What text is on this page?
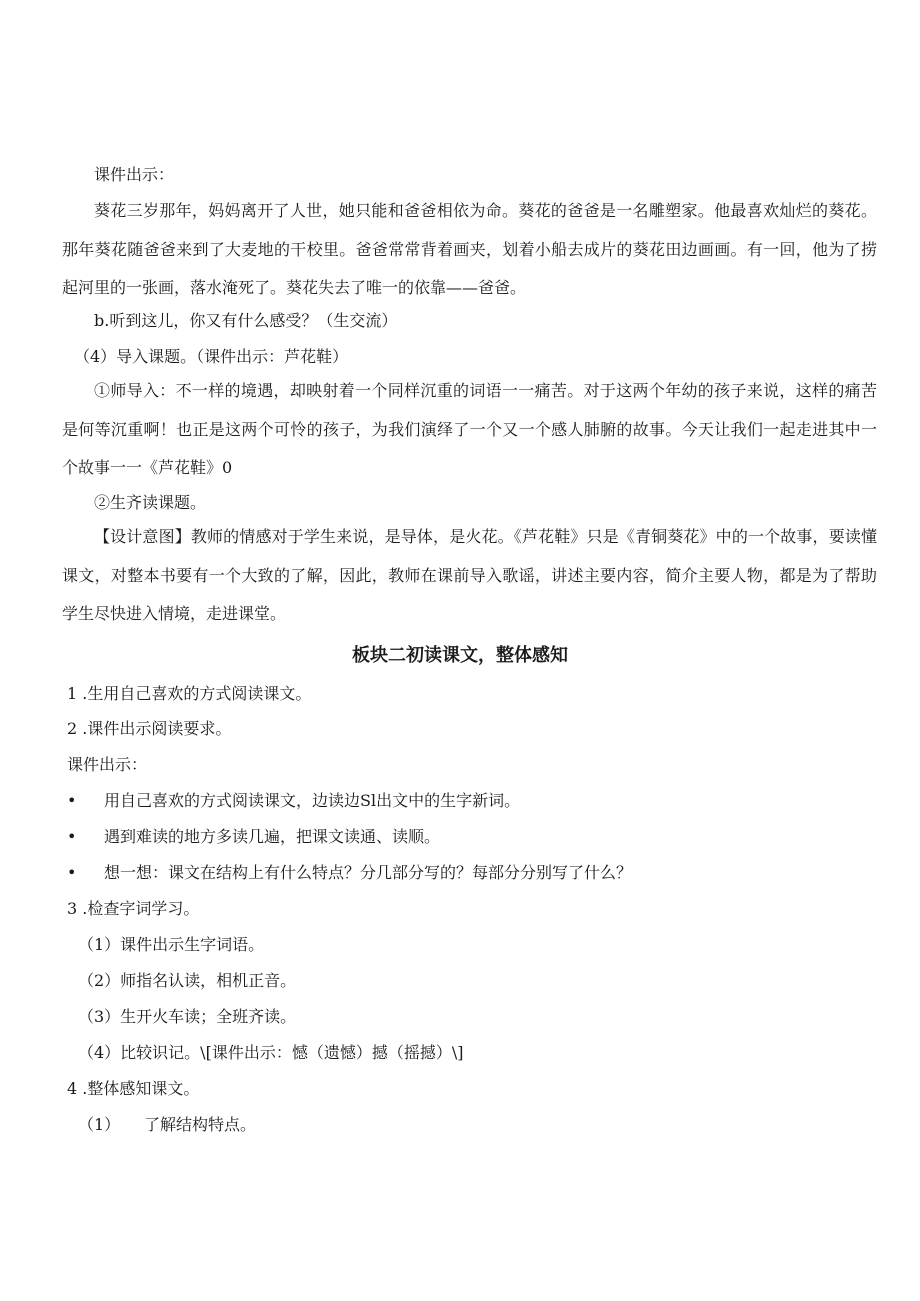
课件出示：
葵花三岁那年，妈妈离开了人世，她只能和爸爸相依为命。葵花的爸爸是一名雕塑家。他最喜欢灿烂的葵花。那年葵花随爸爸来到了大麦地的干校里。爸爸常常背着画夹，划着小船去成片的葵花田边画画。有一回，他为了捞起河里的一张画，落水淹死了。葵花失去了唯一的依靠——爸爸。
b.听到这儿，你又有什么感受？（生交流）
（4）导入课题。（课件出示：芦花鞋）
①师导入：不一样的境遇，却映射着一个同样沉重的词语一一痛苦。对于这两个年幼的孩子来说，这样的痛苦是何等沉重啊！也正是这两个可怜的孩子，为我们演绎了一个又一个感人肺腑的故事。今天让我们一起走进其中一个故事一一《芦花鞋》0
②生齐读课题。
【设计意图】教师的情感对于学生来说，是导体，是火花。《芦花鞋》只是《青铜葵花》中的一个故事，要读懂课文，对整本书要有一个大致的了解，因此，教师在课前导入歌谣，讲述主要内容，简介主要人物，都是为了帮助学生尽快进入情境，走进课堂。
板块二初读课文，整体感知
1 .生用自己喜欢的方式阅读课文。
2 .课件出示阅读要求。
课件出示：
• 用自己喜欢的方式阅读课文，边读边Sl出文中的生字新词。
• 遇到难读的地方多读几遍，把课文读通、读顺。
• 想一想：课文在结构上有什么特点？分几部分写的？每部分分别写了什么？
3 .检查字词学习。
（1）课件出示生字词语。
（2）师指名认读，相机正音。
（3）生开火车读；全班齐读。
（4）比较识记。\[课件出示：憾（遗憾）撼（摇撼）\]
4 .整体感知课文。
（1） 了解结构特点。
